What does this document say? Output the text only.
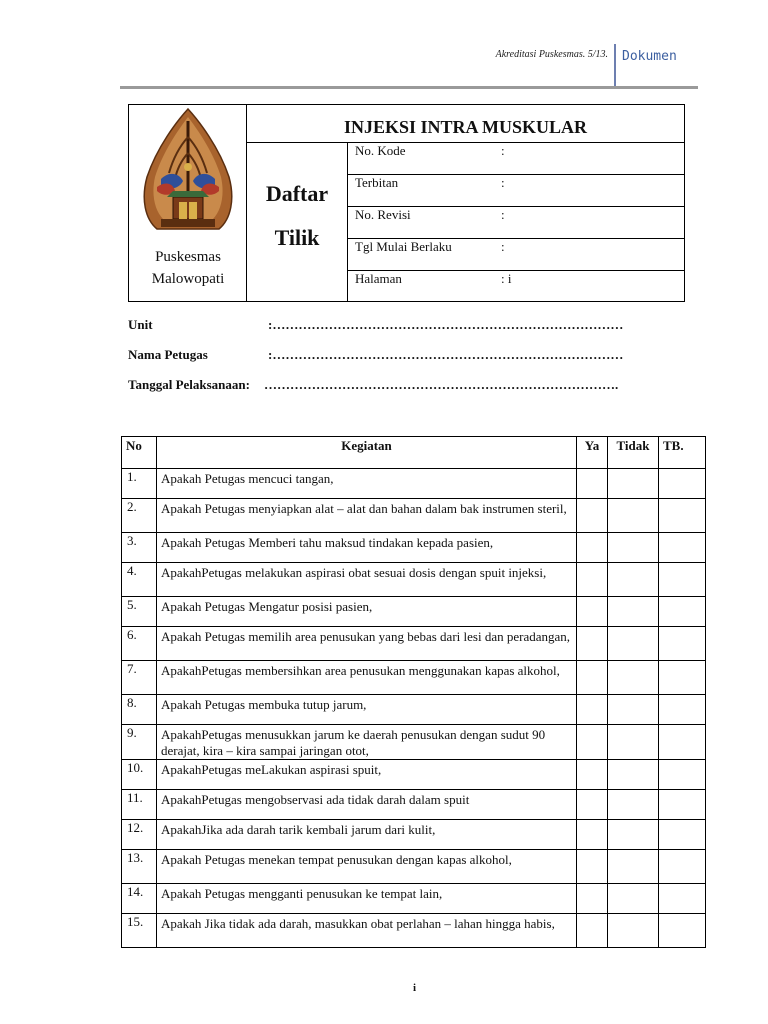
Akreditasi Puskesmas. 5/13. Dokumen
Puskesmas
Malowopati
INJEKSI INTRA MUSKULAR
Daftar
Tilik
No. Kode	:
Terbitan	:
No. Revisi	:
Tgl Mulai Berlaku	:
Halaman	: i
Unit	:………………………………………………………………………
Nama Petugas	:………………………………………………………………………
Tanggal Pelaksanaan: ……………………………………………………………………….
No	Kegiatan	Ya	Tidak	TB.
1.	Apakah Petugas mencuci tangan,			
2.	Apakah Petugas menyiapkan alat – alat dan bahan dalam bak instrumen steril,			
3.	Apakah Petugas Memberi tahu maksud tindakan kepada pasien,			
4.	ApakahPetugas melakukan aspirasi obat sesuai dosis dengan spuit injeksi,			
5.	Apakah Petugas Mengatur posisi pasien,			
6.	Apakah Petugas memilih area penusukan yang bebas dari lesi dan peradangan,			
7.	ApakahPetugas membersihkan area penusukan menggunakan kapas alkohol,			
8.	Apakah Petugas membuka tutup jarum,			
9.	ApakahPetugas menusukkan jarum ke daerah penusukan dengan sudut 90 derajat, kira – kira sampai jaringan otot,			
10.	ApakahPetugas meLakukan aspirasi spuit,			
11.	ApakahPetugas mengobservasi ada tidak darah dalam spuit			
12.	ApakahJika ada darah tarik kembali jarum dari kulit,			
13.	Apakah Petugas menekan tempat penusukan dengan kapas alkohol,			
14.	Apakah Petugas mengganti penusukan ke tempat lain,			
15.	Apakah Jika tidak ada darah, masukkan obat perlahan – lahan hingga habis,			
i
